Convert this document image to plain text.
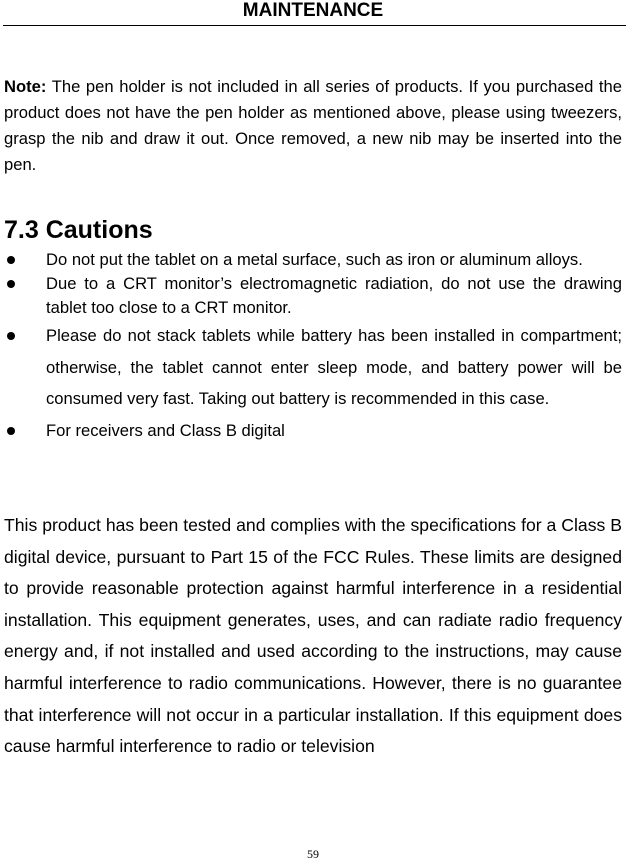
MAINTENANCE
Note: The pen holder is not included in all series of products. If you purchased the product does not have the pen holder as mentioned above, please using tweezers, grasp the nib and draw it out. Once removed, a new nib may be inserted into the pen.
7.3 Cautions
Do not put the tablet on a metal surface, such as iron or aluminum alloys.
Due to a CRT monitor’s electromagnetic radiation, do not use the drawing tablet too close to a CRT monitor.
Please do not stack tablets while battery has been installed in compartment; otherwise, the tablet cannot enter sleep mode, and battery power will be consumed very fast. Taking out battery is recommended in this case.
For receivers and Class B digital

This product has been tested and complies with the specifications for a Class B digital device, pursuant to Part 15 of the FCC Rules. These limits are designed to provide reasonable protection against harmful interference in a residential installation. This equipment generates, uses, and can radiate radio frequency energy and, if not installed and used according to the instructions, may cause harmful interference to radio communications. However, there is no guarantee that interference will not occur in a particular installation. If this equipment does cause harmful interference to radio or television

59
